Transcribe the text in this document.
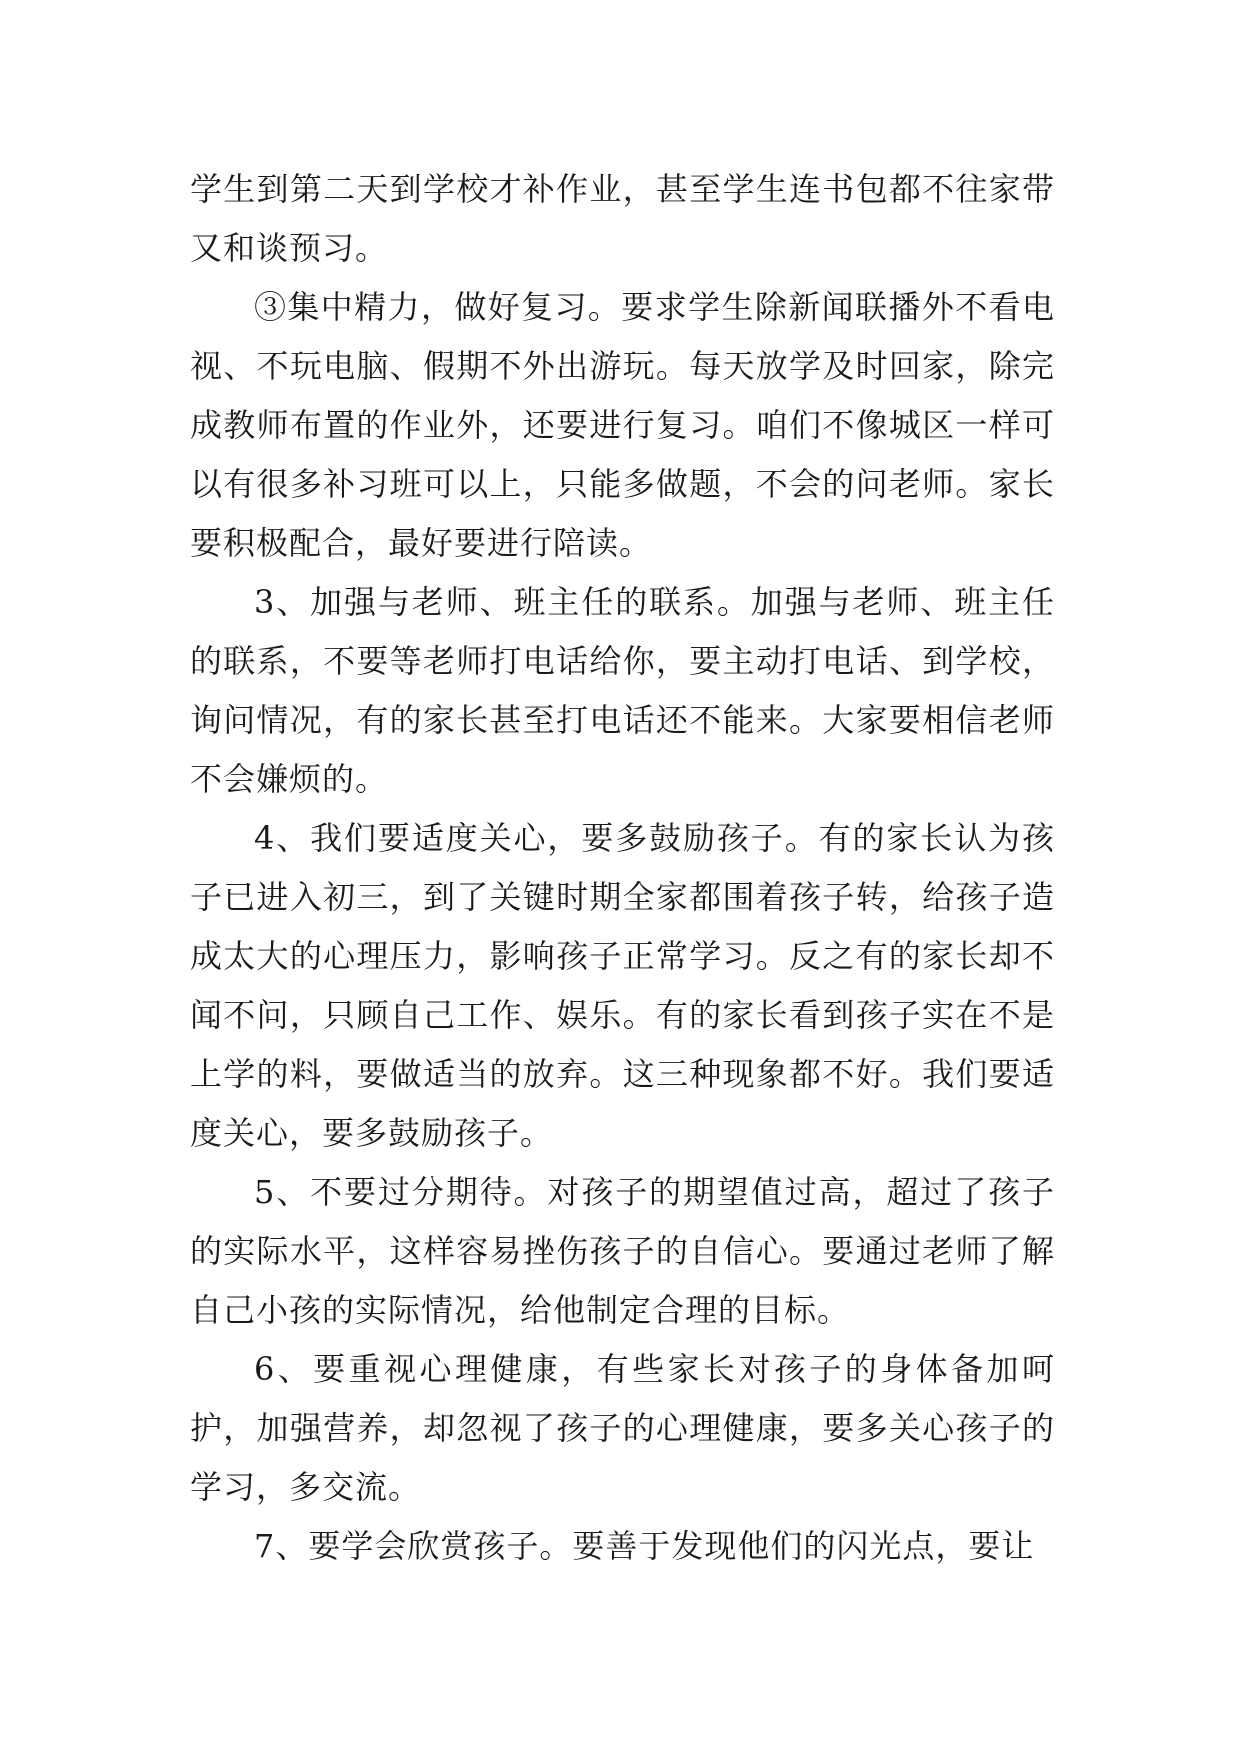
学生到第二天到学校才补作业，甚至学生连书包都不往家带又和谈预习。

③集中精力，做好复习。要求学生除新闻联播外不看电视、不玩电脑、假期不外出游玩。每天放学及时回家，除完成教师布置的作业外，还要进行复习。咱们不像城区一样可以有很多补习班可以上，只能多做题，不会的问老师。家长要积极配合，最好要进行陪读。

3、加强与老师、班主任的联系。加强与老师、班主任的联系，不要等老师打电话给你，要主动打电话、到学校，询问情况，有的家长甚至打电话还不能来。大家要相信老师不会嫌烦的。

4、我们要适度关心，要多鼓励孩子。有的家长认为孩子已进入初三，到了关键时期全家都围着孩子转，给孩子造成太大的心理压力，影响孩子正常学习。反之有的家长却不闻不问，只顾自己工作、娱乐。有的家长看到孩子实在不是上学的料，要做适当的放弃。这三种现象都不好。我们要适度关心，要多鼓励孩子。

5、不要过分期待。对孩子的期望值过高，超过了孩子的实际水平，这样容易挫伤孩子的自信心。要通过老师了解自己小孩的实际情况，给他制定合理的目标。

6、要重视心理健康，有些家长对孩子的身体备加呵护，加强营养，却忽视了孩子的心理健康，要多关心孩子的学习，多交流。

7、要学会欣赏孩子。要善于发现他们的闪光点，要让
